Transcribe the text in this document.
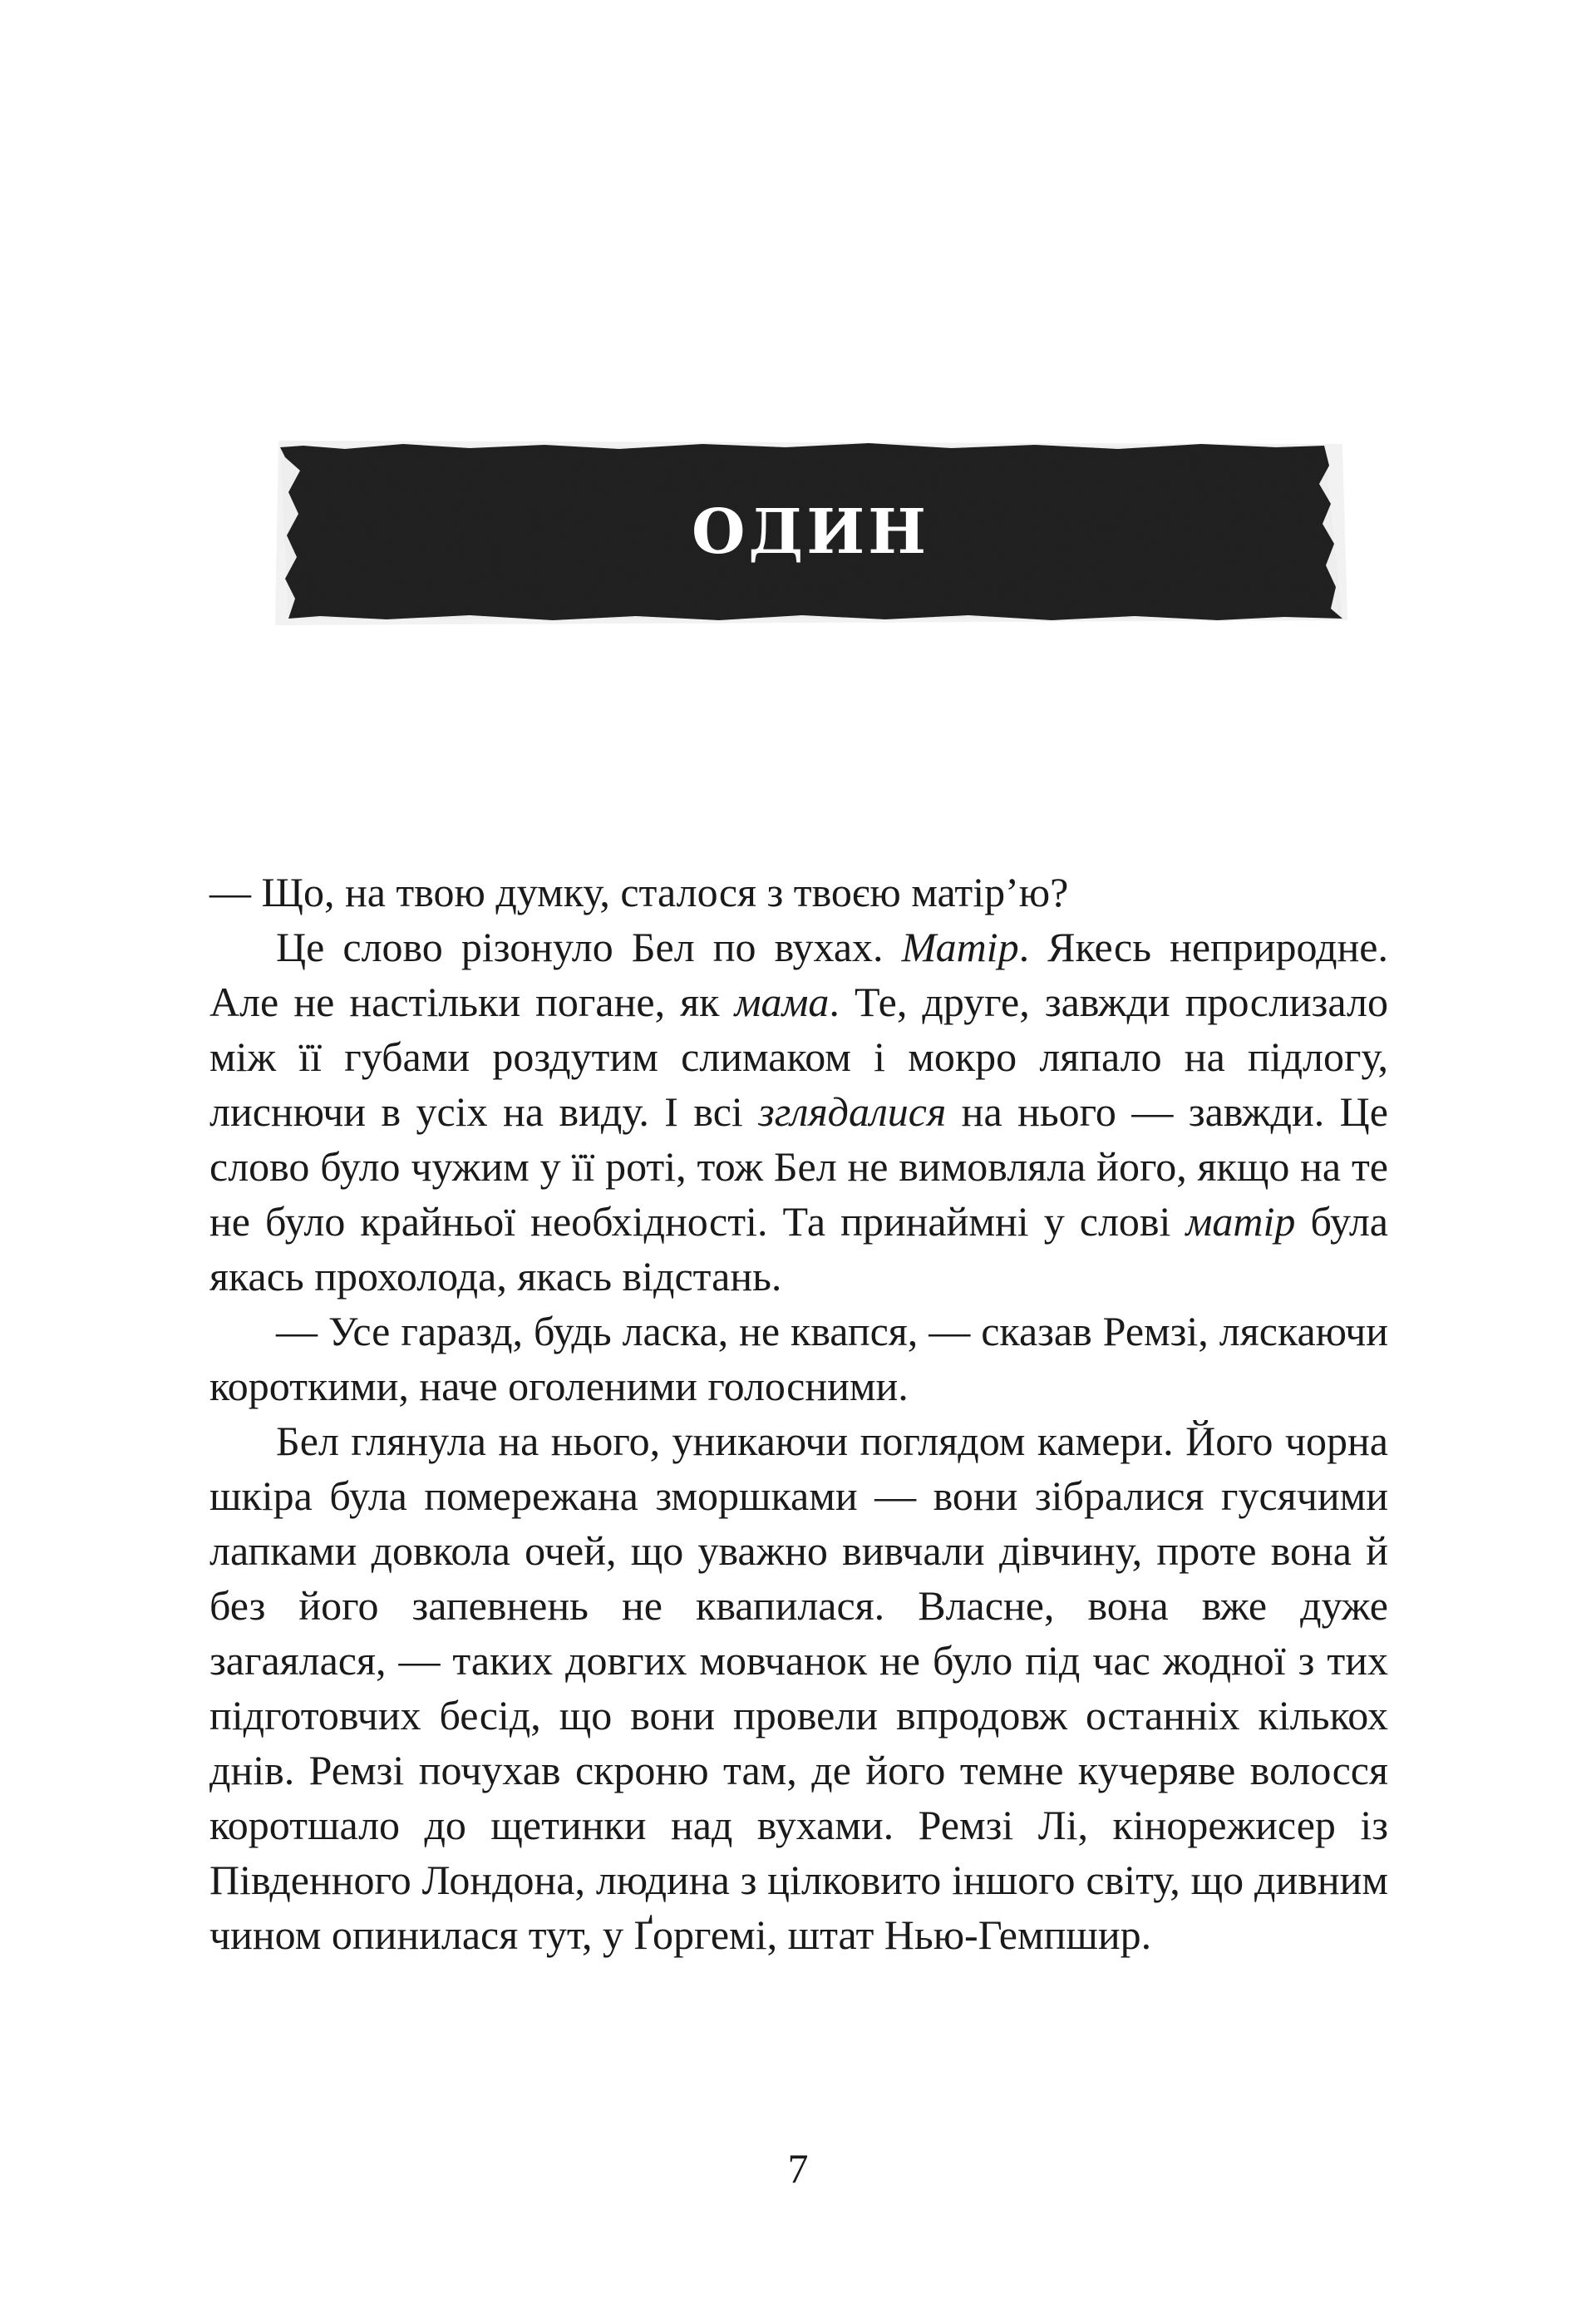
ОДИН

— Що, на твою думку, сталося з твоєю матір’ю?

Це слово різонуло Бел по вухах. Матір. Якесь неприродне. Але не настільки погане, як мама. Те, друге, завжди прослизало між її губами роздутим слимаком і мокро ляпало на підлогу, лиснючи в усіх на виду. І всі зглядалися на нього — завжди. Це слово було чужим у її роті, тож Бел не вимовляла його, якщо на те не було крайньої необхідності. Та принаймні у слові матір була якась прохолода, якась відстань.

— Усе гаразд, будь ласка, не квапся, — сказав Ремзі, ляскаючи короткими, наче оголеними голосними.

Бел глянула на нього, уникаючи поглядом камери. Його чорна шкіра була помережана зморшками — вони зібралися гусячими лапками довкола очей, що уважно вивчали дівчину, проте вона й без його запевнень не квапилася. Власне, вона вже дуже загаялася, — таких довгих мовчанок не було під час жодної з тих підготовчих бесід, що вони провели впродовж останніх кількох днів. Ремзі почухав скроню там, де його темне кучеряве волосся коротшало до щетинки над вухами. Ремзі Лі, кінорежисер із Південного Лондона, людина з цілковито іншого світу, що дивним чином опинилася тут, у Ґоргемі, штат Нью-Гемпшир.

7
